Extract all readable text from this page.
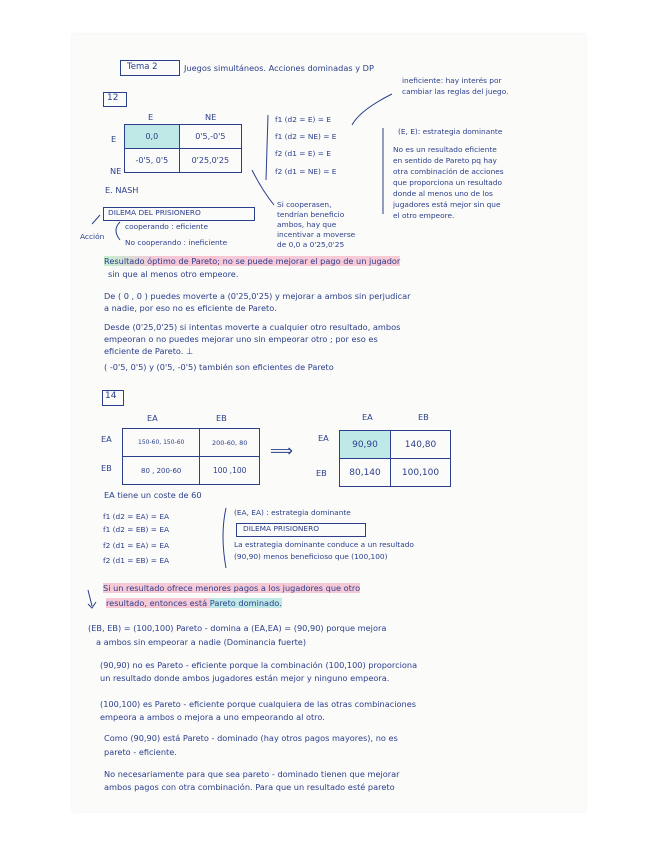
Tema 2	Juegos simultáneos. Acciones dominadas y DP
12
E	NE
E
NE
0,0	0'5,-0'5
-0'5, 0'5	0'25,0'25
E. NASH
DILEMA DEL PRISIONERO
Acción
cooperando : eficiente
No cooperando : ineficiente
f1 (d2 = E) = E
f1 (d2 = NE) = E
f2 (d1 = E) = E
f2 (d1 = NE) = E
Si cooperasen,
tendrían beneficio
ambos, hay que
incentivar a moverse
de 0,0 a 0'25,0'25
ineficiente: hay interés por
cambiar las reglas del juego.
(E, E): estrategia dominante
No es un resultado eficiente
en sentido de Pareto pq hay
otra combinación de acciones
que proporciona un resultado
donde al menos uno de los
jugadores está mejor sin que
el otro empeore.
Resultado óptimo de Pareto; no se puede mejorar el pago de un jugador
sin que al menos otro empeore.
De ( 0 , 0 ) puedes moverte a (0'25,0'25) y mejorar a ambos sin perjudicar
a nadie, por eso no es eficiente de Pareto.
Desde (0'25,0'25) si intentas moverte a cualquier otro resultado, ambos
empeoran o no puedes mejorar uno sin empeorar otro ; por eso es
eficiente de Pareto. ⊥
( -0'5, 0'5) y (0'5, -0'5) también son eficientes de Pareto
14
EA	EB
EA
EB
150-60, 150-60	200-60, 80
80 , 200-60	100 ,100
⟹
EA	EB
EA
EB
90,90	140,80
80,140	100,100
EA tiene un coste de 60
f1 (d2 = EA) = EA
f1 (d2 = EB) = EA
f2 (d1 = EA) = EA
f2 (d1 = EB) = EA
(EA, EA) : estrategia dominante
DILEMA PRISIONERO
La estrategia dominante conduce a un resultado
(90,90) menos beneficioso que (100,100)
Si un resultado ofrece menores pagos a los jugadores que otro
resultado, entonces está Pareto dominado.
(EB, EB) = (100,100) Pareto - domina a (EA,EA) = (90,90) porque mejora
a ambos sin empeorar a nadie (Dominancia fuerte)
(90,90) no es Pareto - eficiente porque la combinación (100,100) proporciona
un resultado donde ambos jugadores están mejor y ninguno empeora.
(100,100) es Pareto - eficiente porque cualquiera de las otras combinaciones
empeora a ambos o mejora a uno empeorando al otro.
Como (90,90) está Pareto - dominado (hay otros pagos mayores), no es
pareto - eficiente.
No necesariamente para que sea pareto - dominado tienen que mejorar
ambos pagos con otra combinación. Para que un resultado esté pareto
